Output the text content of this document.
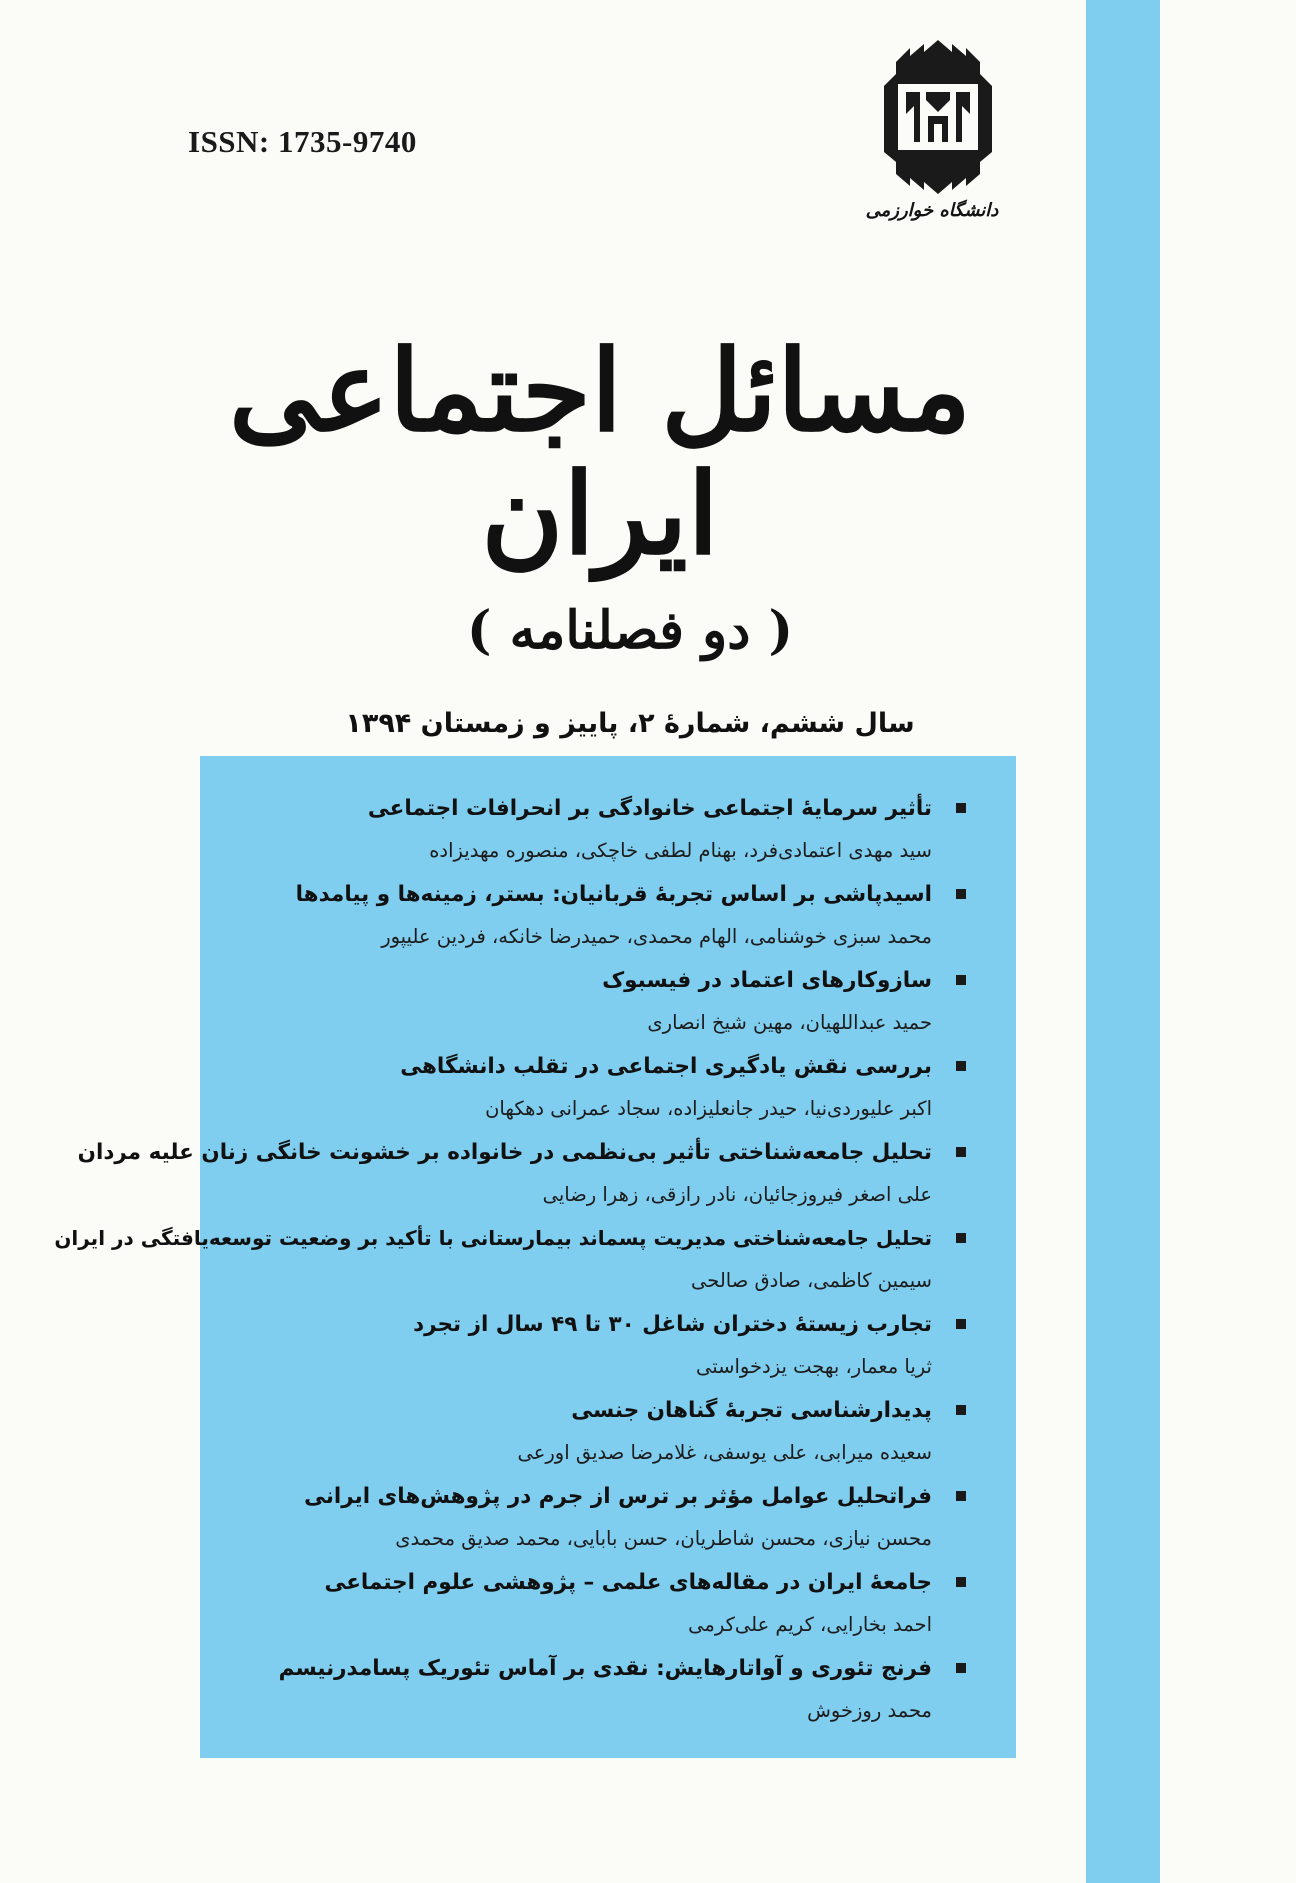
ISSN: 1735-9740
دانشگاه خوارزمی
مسائل اجتماعی ایران
( دو فصلنامه )
سال ششم، شمارۀ ۲، پاییز و زمستان ۱۳۹۴
تأثیر سرمایۀ اجتماعی خانوادگی بر انحرافات اجتماعی
سید مهدی اعتمادی‌فرد، بهنام لطفی خاچکی، منصوره مهدیزاده
اسیدپاشی بر اساس تجربۀ قربانیان: بستر، زمینه‌ها و پیامدها
محمد سبزی خوشنامی، الهام محمدی، حمیدرضا خانکه، فردین علیپور
سازوکارهای اعتماد در فیسبوک
حمید عبداللهیان، مهین شیخ انصاری
بررسی نقش یادگیری اجتماعی در تقلب دانشگاهی
اکبر علیوردی‌نیا، حیدر جانعلیزاده، سجاد عمرانی دهکهان
تحلیل جامعه‌شناختی تأثیر بی‌نظمی در خانواده بر خشونت خانگی زنان علیه مردان
علی اصغر فیروزجائیان، نادر رازقی، زهرا رضایی
تحلیل جامعه‌شناختی مدیریت پسماند بیمارستانی با تأکید بر وضعیت توسعه‌یافتگی در ایران
سیمین کاظمی، صادق صالحی
تجارب زیستۀ دختران شاغل ۳۰ تا ۴۹ سال از تجرد
ثریا معمار، بهجت یزدخواستی
پدیدارشناسی تجربۀ گناهان جنسی
سعیده میرابی، علی یوسفی، غلامرضا صدیق اورعی
فراتحلیل عوامل مؤثر بر ترس از جرم در پژوهش‌های ایرانی
محسن نیازی، محسن شاطریان، حسن بابایی، محمد صدیق محمدی
جامعۀ ایران در مقاله‌های علمی – پژوهشی علوم اجتماعی
احمد بخارایی، کریم علی‌کرمی
فرنج تئوری و آواتارهایش: نقدی بر آماس تئوریک پسامدرنیسم
محمد روزخوش
